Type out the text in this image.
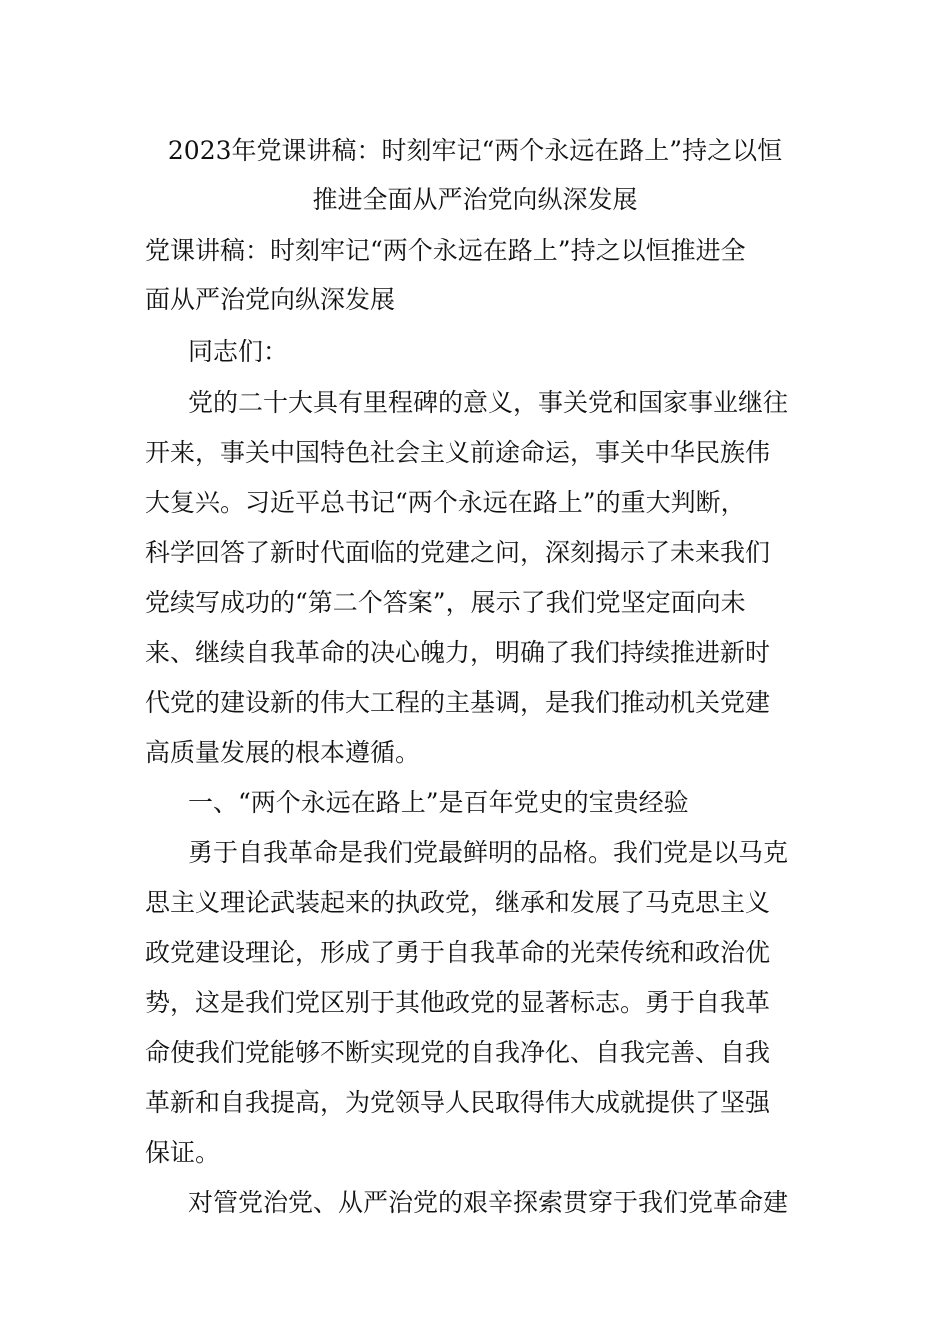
2023年党课讲稿：时刻牢记“两个永远在路上”持之以恒
推进全面从严治党向纵深发展
党课讲稿：时刻牢记“两个永远在路上”持之以恒推进全
面从严治党向纵深发展
同志们：
党的二十大具有里程碑的意义，事关党和国家事业继往
开来，事关中国特色社会主义前途命运，事关中华民族伟
大复兴。习近平总书记“两个永远在路上”的重大判断，
科学回答了新时代面临的党建之问，深刻揭示了未来我们
党续写成功的“第二个答案”，展示了我们党坚定面向未
来、继续自我革命的决心魄力，明确了我们持续推进新时
代党的建设新的伟大工程的主基调，是我们推动机关党建
高质量发展的根本遵循。
一、“两个永远在路上”是百年党史的宝贵经验
勇于自我革命是我们党最鲜明的品格。我们党是以马克
思主义理论武装起来的执政党，继承和发展了马克思主义
政党建设理论，形成了勇于自我革命的光荣传统和政治优
势，这是我们党区别于其他政党的显著标志。勇于自我革
命使我们党能够不断实现党的自我净化、自我完善、自我
革新和自我提高，为党领导人民取得伟大成就提供了坚强
保证。
对管党治党、从严治党的艰辛探索贯穿于我们党革命建
